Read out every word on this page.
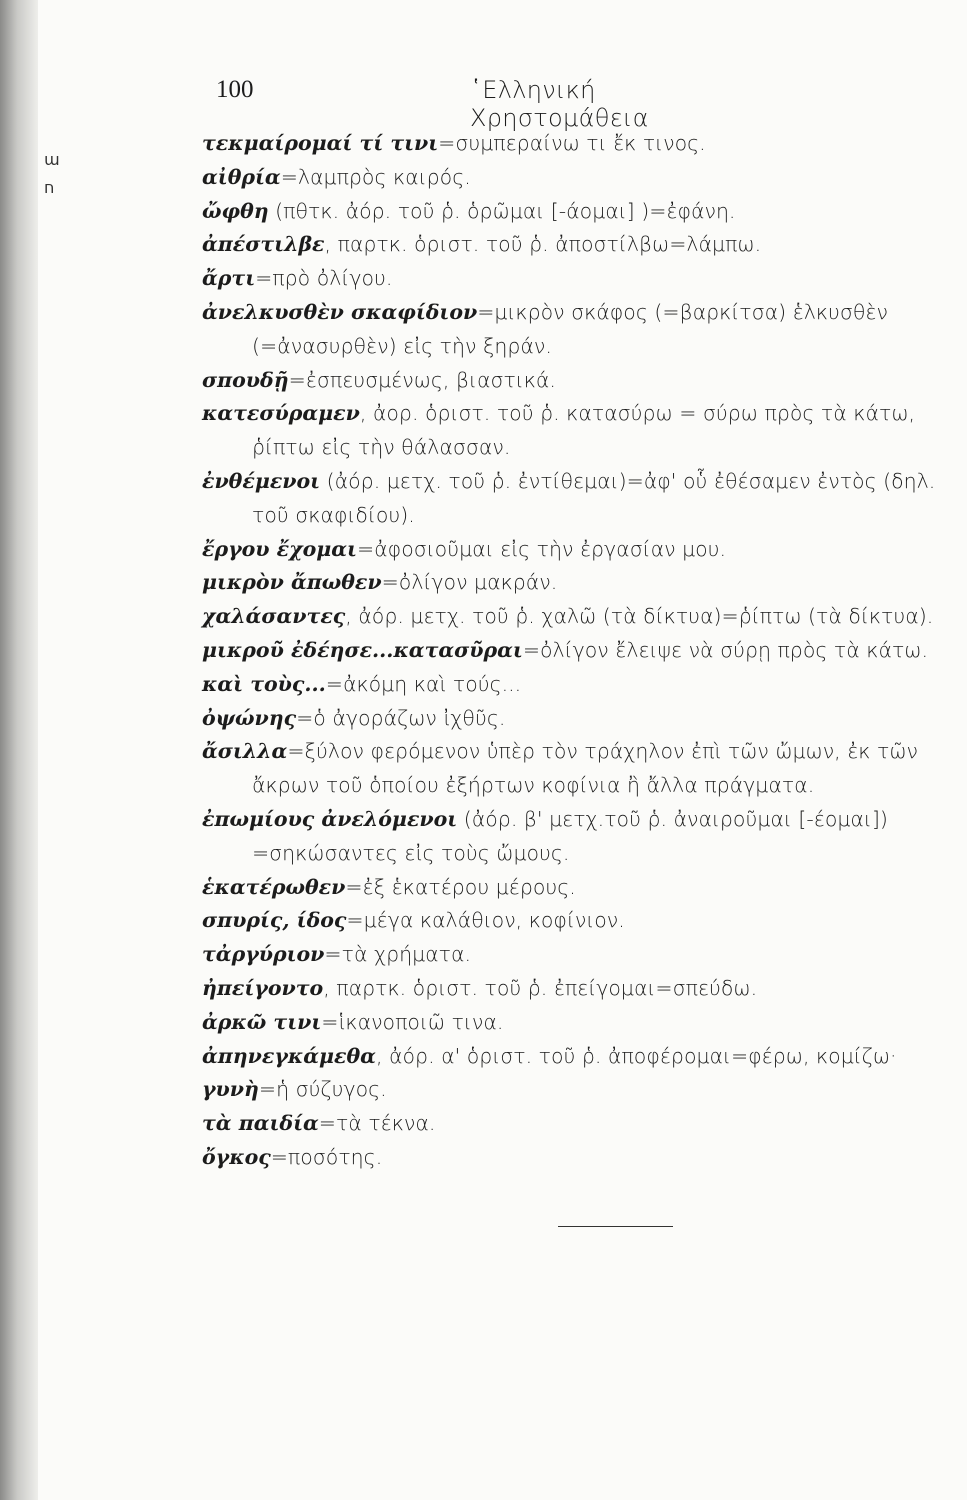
ɯ
ח
100	῾Ελληνική Χρηστομάθεια
τεκμαίρομαί τί τινι=συμπεραίνω τι ἔκ τινος.
αἰθρία=λαμπρὸς καιρός.
ὤφθη (πθτκ. ἀόρ. τοῦ ῥ. ὁρῶμαι [-άομαι] )=ἐφάνη.
ἀπέστιλβε, παρτκ. ὁριστ. τοῦ ῥ. ἀποστίλβω=λάμπω.
ἄρτι=πρὸ ὀλίγου.
ἀνελκυσθὲν σκαφίδιον=μικρὸν σκάφος (=βαρκίτσα) ἑλκυσθὲν (=ἀνασυρθὲν) εἰς τὴν ξηράν.
σπουδῇ=ἐσπευσμένως, βιαστικά.
κατεσύραμεν, ἀορ. ὁριστ. τοῦ ῥ. κατασύρω = σύρω πρὸς τὰ κάτω, ῥίπτω εἰς τὴν θάλασσαν.
ἐνθέμενοι (ἀόρ. μετχ. τοῦ ῥ. ἐντίθεμαι)=ἀφ' οὗ ἐθέσαμεν ἐντὸς (δηλ. τοῦ σκαφιδίου).
ἔργου ἔχομαι=ἀφοσιοῦμαι εἰς τὴν ἐργασίαν μου.
μικρὸν ἄπωθεν=ὀλίγον μακράν.
χαλάσαντες, ἀόρ. μετχ. τοῦ ῥ. χαλῶ (τὰ δίκτυα)=ῥίπτω (τὰ δίκτυα).
μικροῦ ἐδέησε...κατασῦραι=ὀλίγον ἔλειψε νὰ σύρῃ πρὸς τὰ κάτω.
καὶ τοὺς...=ἀκόμη καὶ τούς...
ὀψώνης=ὁ ἀγοράζων ἰχθῦς.
ἄσιλλα=ξύλον φερόμενον ὑπὲρ τὸν τράχηλον ἐπὶ τῶν ὤμων, ἐκ τῶν ἄκρων τοῦ ὁποίου ἐξήρτων κοφίνια ἢ ἄλλα πράγματα.
ἐπωμίους ἀνελόμενοι (ἀόρ. β' μετχ.τοῦ ῥ. ἀναιροῦμαι [-έομαι]) =σηκώσαντες εἰς τοὺς ὤμους.
ἑκατέρωθεν=ἐξ ἑκατέρου μέρους.
σπυρίς, ίδος=μέγα καλάθιον, κοφίνιον.
τἀργύριον=τὰ χρήματα.
ἠπείγοντο, παρτκ. ὁριστ. τοῦ ῥ. ἐπείγομαι=σπεύδω.
ἀρκῶ τινι=ἱκανοποιῶ τινα.
ἀπηνεγκάμεθα, ἀόρ. α' ὁριστ. τοῦ ῥ. ἀποφέρομαι=φέρω, κομίζω·
γυνὴ=ἡ σύζυγος.
τὰ παιδία=τὰ τέκνα.
ὄγκος=ποσότης.
